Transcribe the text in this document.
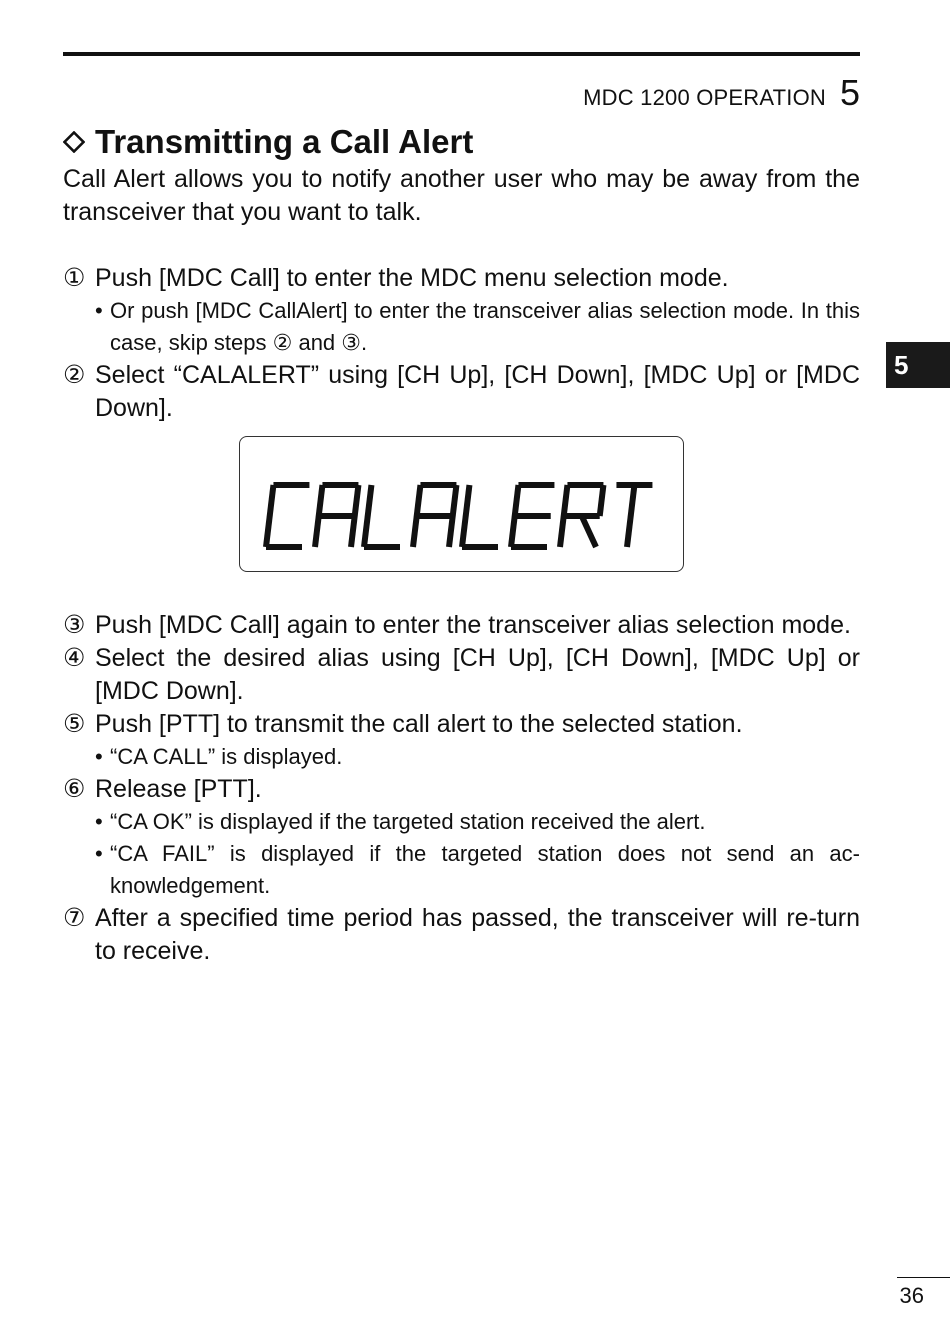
MDC 1200 OPERATION 5
5
Transmitting a Call Alert

Call Alert allows you to notify another user who may be away from the transceiver that you want to talk.

① Push [MDC Call] to enter the MDC menu selection mode.
• Or push [MDC CallAlert] to enter the transceiver alias selection mode. In this case, skip steps ② and ③.
② Select “CALALERT” using [CH Up], [CH Down], [MDC Up] or [MDC Down].
③ Push [MDC Call] again to enter the transceiver alias selection mode.
④ Select the desired alias using [CH Up], [CH Down], [MDC Up] or [MDC Down].
⑤ Push [PTT] to transmit the call alert to the selected station.
• “CA CALL” is displayed.
⑥ Release [PTT].
• “CA OK” is displayed if the targeted station received the alert.
• “CA FAIL” is displayed if the targeted station does not send an ac-knowledgement.
⑦ After a specified time period has passed, the transceiver will re-turn to receive.
36
